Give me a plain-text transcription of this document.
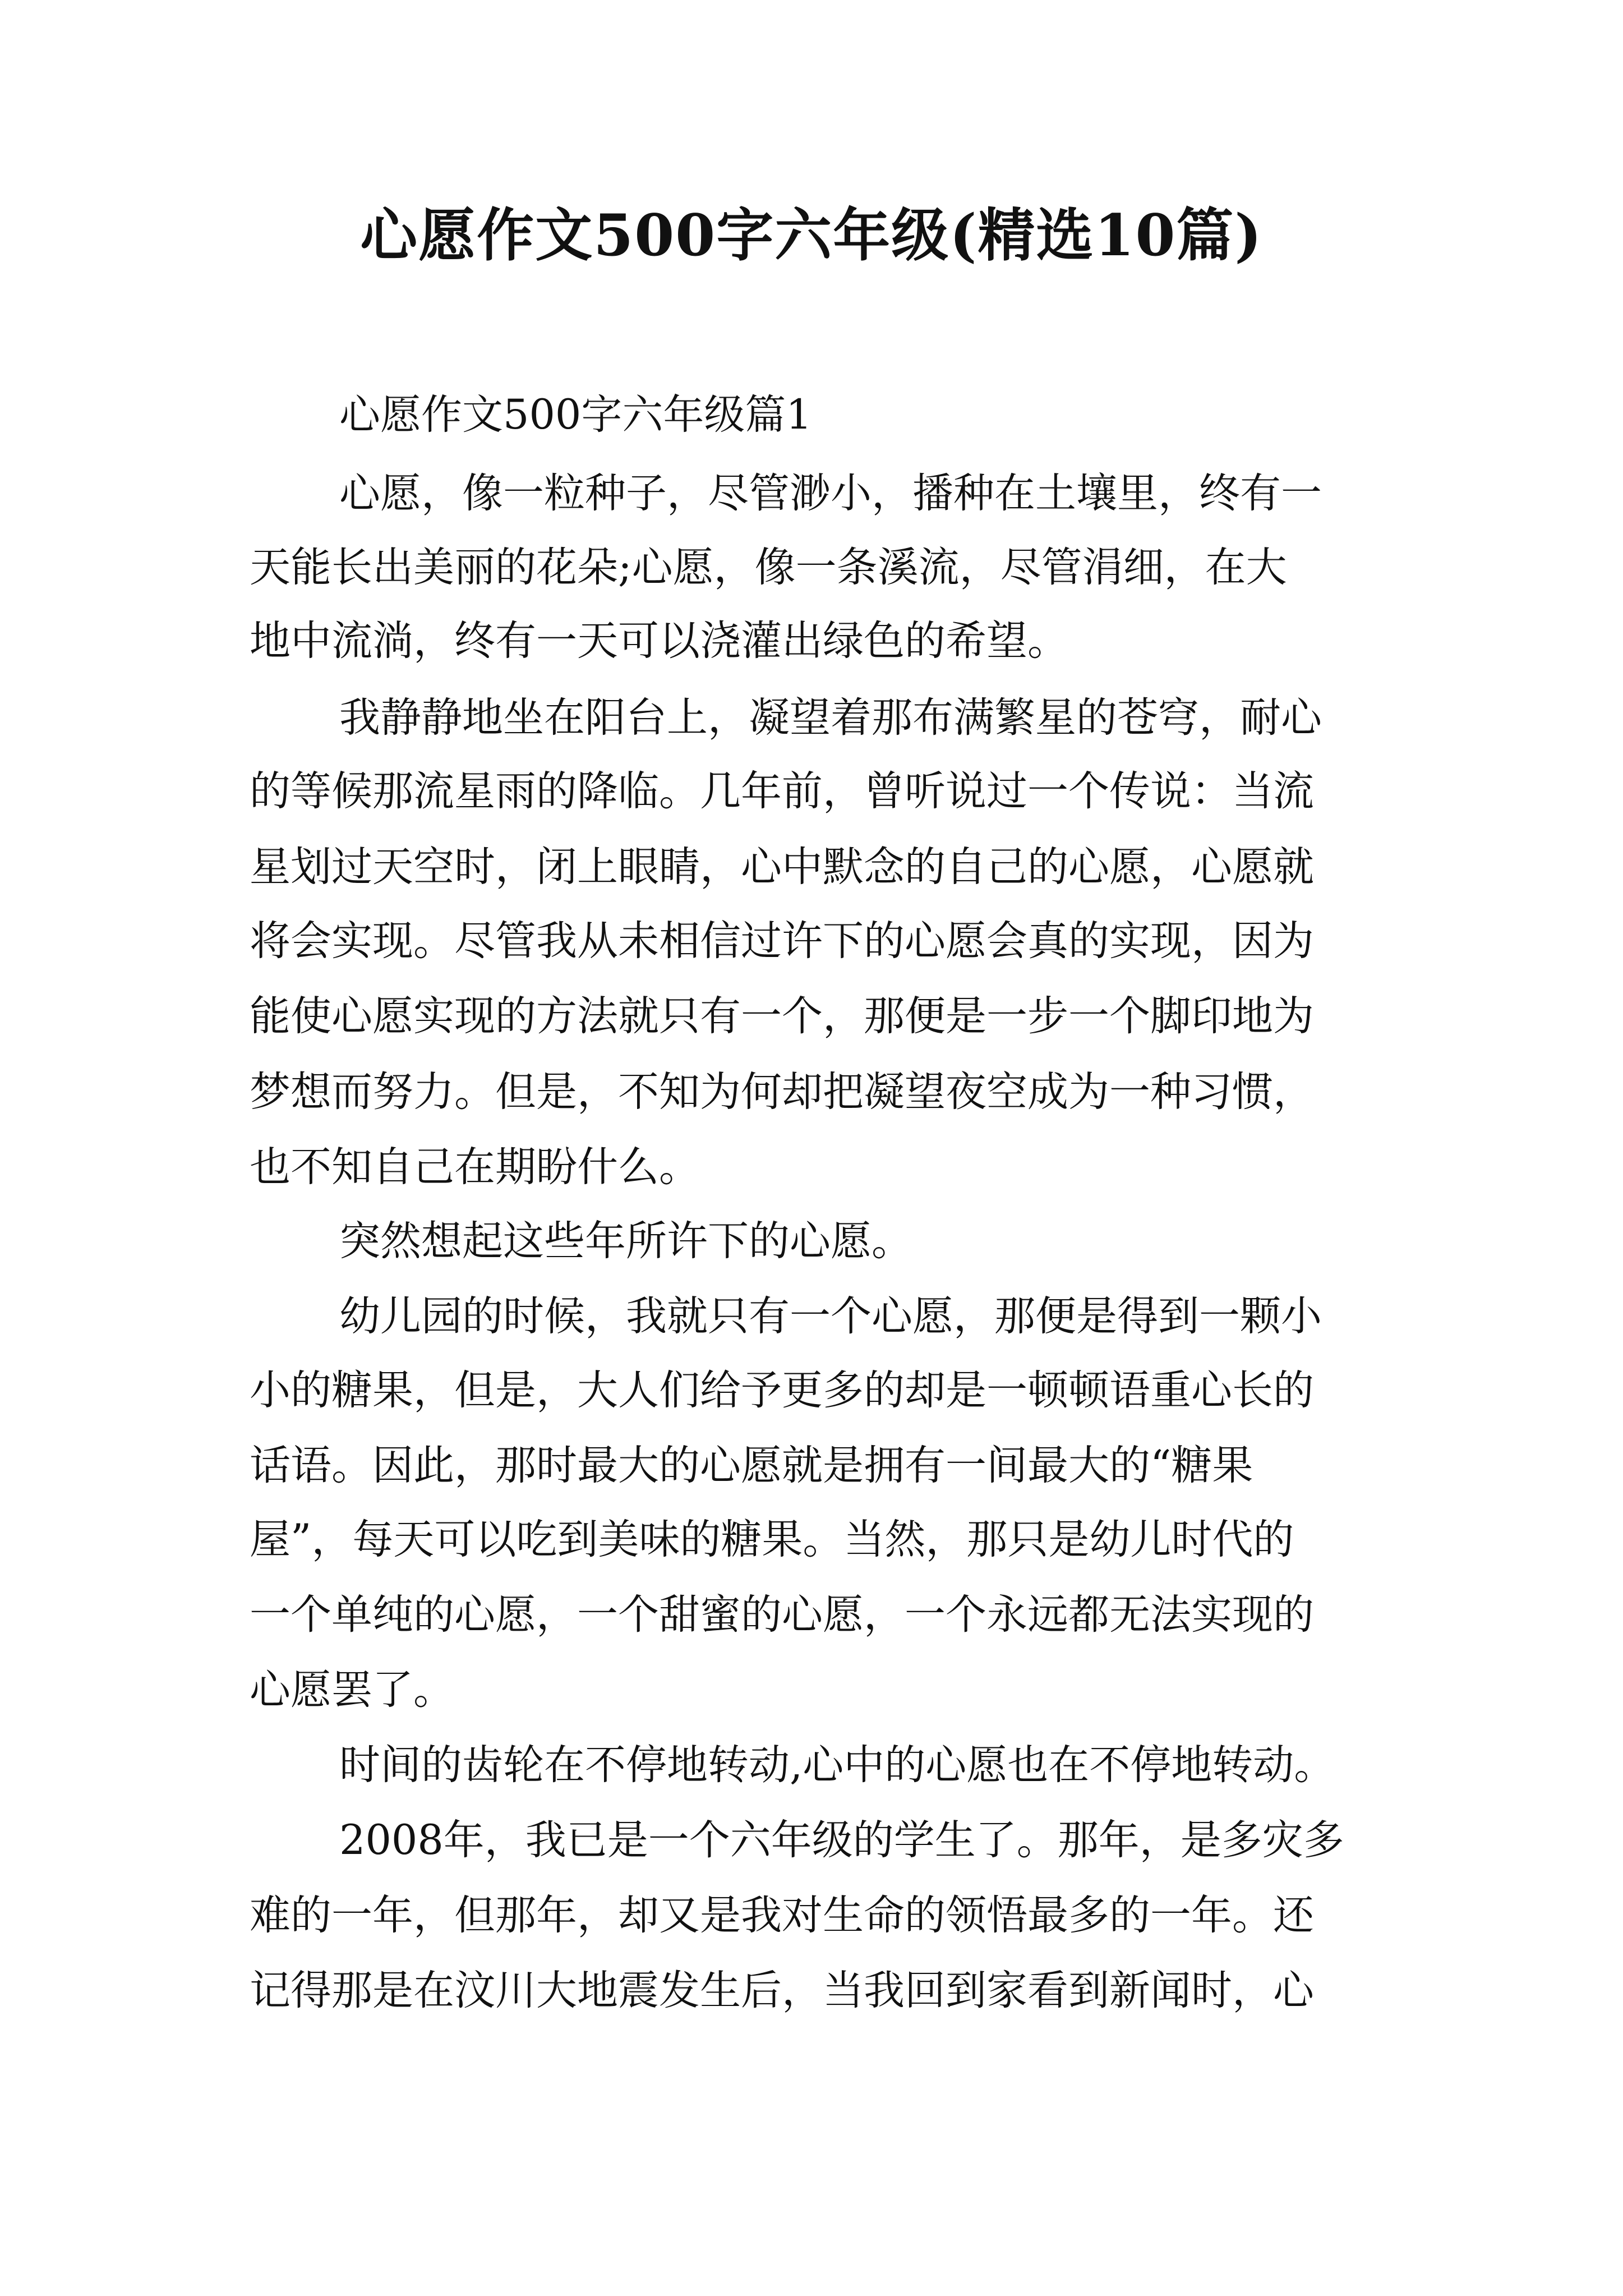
心愿作文500字六年级(精选10篇)
心愿作文500字六年级篇1
心愿，像一粒种子，尽管渺小，播种在土壤里，终有一
天能长出美丽的花朵;心愿，像一条溪流，尽管涓细，在大
地中流淌，终有一天可以浇灌出绿色的希望。
我静静地坐在阳台上，凝望着那布满繁星的苍穹，耐心
的等候那流星雨的降临。几年前，曾听说过一个传说：当流
星划过天空时，闭上眼睛，心中默念的自己的心愿，心愿就
将会实现。尽管我从未相信过许下的心愿会真的实现，因为
能使心愿实现的方法就只有一个，那便是一步一个脚印地为
梦想而努力。但是，不知为何却把凝望夜空成为一种习惯，
也不知自己在期盼什么。
突然想起这些年所许下的心愿。
幼儿园的时候，我就只有一个心愿，那便是得到一颗小
小的糖果，但是，大人们给予更多的却是一顿顿语重心长的
话语。因此，那时最大的心愿就是拥有一间最大的“糖果
屋”，每天可以吃到美味的糖果。当然，那只是幼儿时代的
一个单纯的心愿，一个甜蜜的心愿，一个永远都无法实现的
心愿罢了。
时间的齿轮在不停地转动,心中的心愿也在不停地转动。
2008年，我已是一个六年级的学生了。那年，是多灾多
难的一年，但那年，却又是我对生命的领悟最多的一年。还
记得那是在汶川大地震发生后，当我回到家看到新闻时，心
